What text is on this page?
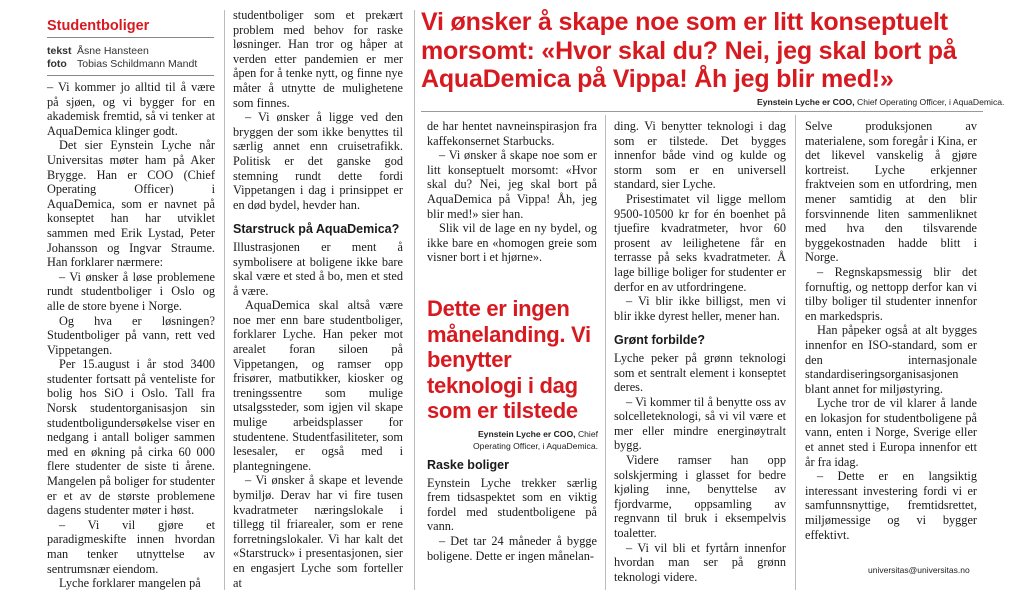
Studentboliger
tekst Åsne Hansteen
foto Tobias Schildmann Mandt
Vi ønsker å skape noe som er litt konseptuelt morsomt: «Hvor skal du? Nei, jeg skal bort på AquaDemica på Vippa! Åh jeg blir med!»
Eynstein Lyche er COO, Chief Operating Officer, i AquaDemica.

– Vi kommer jo alltid til å være på sjøen, og vi bygger for en akademisk fremtid, så vi tenker at AquaDemica klinger godt.

Det sier Eynstein Lyche når Universitas møter ham på Aker Brygge. Han er COO (Chief Operating Officer) i AquaDemica, som er navnet på konseptet han har utviklet sammen med Erik Lystad, Peter Johansson og Ingvar Straume. Han forklarer nærmere:

– Vi ønsker å løse problemene rundt studentboliger i Oslo og alle de store byene i Norge.

Og hva er løsningen? Studentboliger på vann, rett ved Vippetangen.

Per 15.august i år stod 3400 studenter fortsatt på venteliste for bolig hos SiO i Oslo. Tall fra Norsk studentorganisasjon sin studentboligundersøkelse viser en nedgang i antall boliger sammen med en økning på cirka 60 000 flere studenter de siste ti årene. Mangelen på boliger for studenter er et av de største problemene dagens studenter møter i høst.

– Vi vil gjøre et paradigmeskifte innen hvordan man tenker utnyttelse av sentrumsnær eiendom.

Lyche forklarer mangelen på

studentboliger som et prekært problem med behov for raske løsninger. Han tror og håper at verden etter pandemien er mer åpen for å tenke nytt, og finne nye måter å utnytte de mulighetene som finnes.

– Vi ønsker å ligge ved den bryggen der som ikke benyttes til særlig annet enn cruisetrafikk. Politisk er det ganske god stemning rundt dette fordi Vippetangen i dag i prinsippet er en død bydel, hevder han.

Starstruck på AquaDemica?

Illustrasjonen er ment å symbolisere at boligene ikke bare skal være et sted å bo, men et sted å være.

AquaDemica skal altså være noe mer enn bare studentboliger, forklarer Lyche. Han peker mot arealet foran siloen på Vippetangen, og ramser opp frisører, matbutikker, kiosker og treningssentre som mulige utsalgssteder, som igjen vil skape mulige arbeidsplasser for studentene. Studentfasiliteter, som lesesaler, er også med i plantegningene.

– Vi ønsker å skape et levende bymiljø. Derav har vi fire tusen kvadratmeter næringslokale i tillegg til friarealer, som er rene forretningslokaler. Vi har kalt det «Starstruck» i presentasjonen, sier en engasjert Lyche som forteller at

de har hentet navneinspirasjon fra kaffekonsernet Starbucks.

– Vi ønsker å skape noe som er litt konseptuelt morsomt: «Hvor skal du? Nei, jeg skal bort på AquaDemica på Vippa! Åh, jeg blir med!» sier han.

Slik vil de lage en ny bydel, og ikke bare en «homogen greie som visner bort i et hjørne».

Dette er ingen månelanding. Vi benytter teknologi i dag som er tilstede
Eynstein Lyche er COO, Chief Operating Officer, i AquaDemica.
Raske boliger

Eynstein Lyche trekker særlig frem tidsaspektet som en viktig fordel med studentboligene på vann.

– Det tar 24 måneder å bygge boligene. Dette er ingen månelan-

ding. Vi benytter teknologi i dag som er tilstede. Det bygges innenfor både vind og kulde og storm som er en universell standard, sier Lyche.

Prisestimatet vil ligge mellom 9500-10500 kr for én boenhet på tjuefire kvadratmeter, hvor 60 prosent av leilighetene får en terrasse på seks kvadratmeter. Å lage billige boliger for studenter er derfor en av utfordringene.

– Vi blir ikke billigst, men vi blir ikke dyrest heller, mener han.

Grønt forbilde?

Lyche peker på grønn teknologi som et sentralt element i konseptet deres.

– Vi kommer til å benytte oss av solcelleteknologi, så vi vil være et mer eller mindre energinøytralt bygg.

Videre ramser han opp solskjerming i glasset for bedre kjøling inne, benyttelse av fjordvarme, oppsamling av regnvann til bruk i eksempelvis toaletter.

– Vi vil bli et fyrtårn innenfor hvordan man ser på grønn teknologi videre.

Selve produksjonen av materialene, som foregår i Kina, er det likevel vanskelig å gjøre kortreist. Lyche erkjenner fraktveien som en utfordring, men mener samtidig at den blir forsvinnende liten sammenliknet med hva den tilsvarende byggekostnaden hadde blitt i Norge.

– Regnskapsmessig blir det fornuftig, og nettopp derfor kan vi tilby boliger til studenter innenfor en markedspris.

Han påpeker også at alt bygges innenfor en ISO-standard, som er den internasjonale standardiseringsorganisasjonen blant annet for miljøstyring.

Lyche tror de vil klarer å lande en lokasjon for studentboligene på vann, enten i Norge, Sverige eller et annet sted i Europa innenfor ett år fra idag.

– Dette er en langsiktig interessant investering fordi vi er samfunnsnyttige, fremtidsrettet, miljømessige og vi bygger effektivt.

universitas@universitas.no
